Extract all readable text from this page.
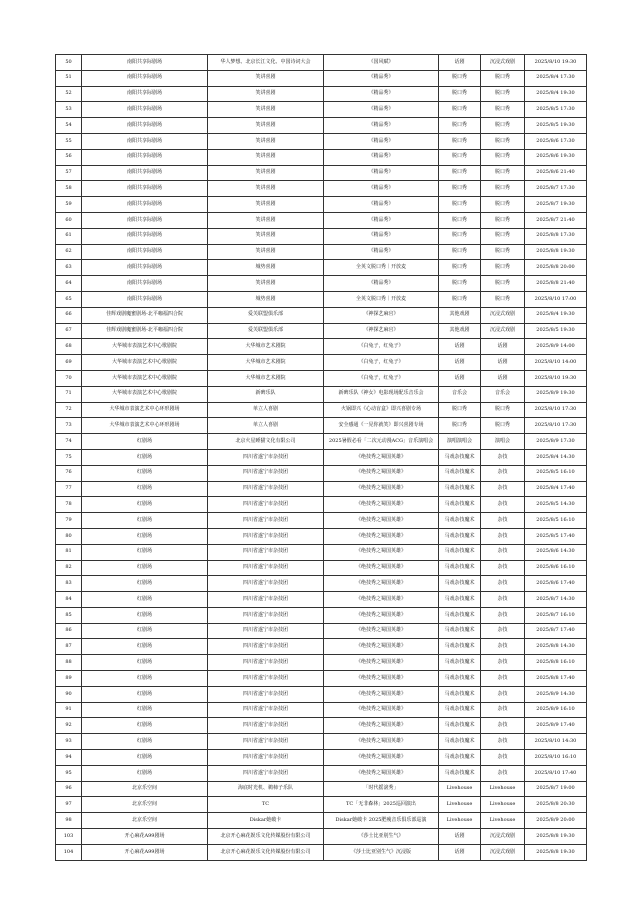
50	南阳共享际剧场	华人梦想、北京长江文化、中国诗词大会	《国风赋》	话剧	沉浸式戏剧	2025/8/10 19:30
51	南阳共享际剧场	笑讲喜剧	《精品秀》	脱口秀	脱口秀	2025/8/4 17:30
52	南阳共享际剧场	笑讲喜剧	《精品秀》	脱口秀	脱口秀	2025/8/4 19:30
53	南阳共享际剧场	笑讲喜剧	《精品秀》	脱口秀	脱口秀	2025/8/5 17:30
54	南阳共享际剧场	笑讲喜剧	《精品秀》	脱口秀	脱口秀	2025/8/5 19:30
55	南阳共享际剧场	笑讲喜剧	《精品秀》	脱口秀	脱口秀	2025/8/6 17:30
56	南阳共享际剧场	笑讲喜剧	《精品秀》	脱口秀	脱口秀	2025/8/6 19:30
57	南阳共享际剧场	笑讲喜剧	《精品秀》	脱口秀	脱口秀	2025/8/6 21:40
58	南阳共享际剧场	笑讲喜剧	《精品秀》	脱口秀	脱口秀	2025/8/7 17:30
59	南阳共享际剧场	笑讲喜剧	《精品秀》	脱口秀	脱口秀	2025/8/7 19:30
60	南阳共享际剧场	笑讲喜剧	《精品秀》	脱口秀	脱口秀	2025/8/7 21:40
61	南阳共享际剧场	笑讲喜剧	《精品秀》	脱口秀	脱口秀	2025/8/8 17:30
62	南阳共享际剧场	笑讲喜剧	《精品秀》	脱口秀	脱口秀	2025/8/8 19:30
63	南阳共享际剧场	城势喜剧	全英文脱口秀｜开放麦	脱口秀	脱口秀	2025/8/8 20:00
64	南阳共享际剧场	笑讲喜剧	《精品秀》	脱口秀	脱口秀	2025/8/8 21:40
65	南阳共享际剧场	城势喜剧	全英文脱口秀｜开放麦	脱口秀	脱口秀	2025/8/10 17:00
66	佳辉戏剧魔蜜剧场-北平咖福四合院	爱芙联盟俱乐部	《神探艺麻官》	其他戏剧	沉浸式戏剧	2025/8/4 19:30
67	佳辉戏剧魔蜜剧场-北平咖福四合院	爱芙联盟俱乐部	《神探艺麻官》	其他戏剧	沉浸式戏剧	2025/8/5 19:30
68	大华城市表演艺术中心歌剧院	大华城市艺术剧院	《白兔子，红兔子》	话剧	话剧	2025/8/9 14:00
69	大华城市表演艺术中心歌剧院	大华城市艺术剧院	《白兔子，红兔子》	话剧	话剧	2025/8/10 14:00
70	大华城市表演艺术中心歌剧院	大华城市艺术剧院	《白兔子，红兔子》	话剧	话剧	2025/8/10 19:30
71	大华城市表演艺术中心歌剧院	新碑乐队	新碑乐队《神女》电影现场配乐音乐会	音乐会	音乐会	2025/8/9 19:30
72	大华城市表演艺术中心环形剧场	单立人喜剧	火锅即兴《心动盲盒》即兴喜剧专场	脱口秀	脱口秀	2025/8/10 17:30
73	大华城市表演艺术中心环形剧场	单立人喜剧	安全感通《一见你就笑》即兴喜剧专场	脱口秀	脱口秀	2025/8/10 17:30
74	红剧场	北京火星睡猫文化有限公司	2025暑假必看「二次元动漫ACG」音乐演唱会	演唱演唱会	演唱会	2025/8/9 17:30
75	红剧场	四川省遂宁市杂技团	《绝技秀之蜀国英雄》	马戏杂技魔术	杂技	2025/8/4 14:30
76	红剧场	四川省遂宁市杂技团	《绝技秀之蜀国英雄》	马戏杂技魔术	杂技	2025/8/5 16:10
77	红剧场	四川省遂宁市杂技团	《绝技秀之蜀国英雄》	马戏杂技魔术	杂技	2025/8/4 17:40
78	红剧场	四川省遂宁市杂技团	《绝技秀之蜀国英雄》	马戏杂技魔术	杂技	2025/8/5 14:30
79	红剧场	四川省遂宁市杂技团	《绝技秀之蜀国英雄》	马戏杂技魔术	杂技	2025/8/5 16:10
80	红剧场	四川省遂宁市杂技团	《绝技秀之蜀国英雄》	马戏杂技魔术	杂技	2025/8/5 17:40
81	红剧场	四川省遂宁市杂技团	《绝技秀之蜀国英雄》	马戏杂技魔术	杂技	2025/8/6 14:30
82	红剧场	四川省遂宁市杂技团	《绝技秀之蜀国英雄》	马戏杂技魔术	杂技	2025/8/6 16:10
83	红剧场	四川省遂宁市杂技团	《绝技秀之蜀国英雄》	马戏杂技魔术	杂技	2025/8/6 17:40
84	红剧场	四川省遂宁市杂技团	《绝技秀之蜀国英雄》	马戏杂技魔术	杂技	2025/8/7 14:30
85	红剧场	四川省遂宁市杂技团	《绝技秀之蜀国英雄》	马戏杂技魔术	杂技	2025/8/7 16:10
86	红剧场	四川省遂宁市杂技团	《绝技秀之蜀国英雄》	马戏杂技魔术	杂技	2025/8/7 17:40
87	红剧场	四川省遂宁市杂技团	《绝技秀之蜀国英雄》	马戏杂技魔术	杂技	2025/8/8 14:30
88	红剧场	四川省遂宁市杂技团	《绝技秀之蜀国英雄》	马戏杂技魔术	杂技	2025/8/8 16:10
89	红剧场	四川省遂宁市杂技团	《绝技秀之蜀国英雄》	马戏杂技魔术	杂技	2025/8/8 17:40
90	红剧场	四川省遂宁市杂技团	《绝技秀之蜀国英雄》	马戏杂技魔术	杂技	2025/8/9 14:30
91	红剧场	四川省遂宁市杂技团	《绝技秀之蜀国英雄》	马戏杂技魔术	杂技	2025/8/9 16:10
92	红剧场	四川省遂宁市杂技团	《绝技秀之蜀国英雄》	马戏杂技魔术	杂技	2025/8/9 17:40
93	红剧场	四川省遂宁市杂技团	《绝技秀之蜀国英雄》	马戏杂技魔术	杂技	2025/8/10 14:30
94	红剧场	四川省遂宁市杂技团	《绝技秀之蜀国英雄》	马戏杂技魔术	杂技	2025/8/10 16:10
95	红剧场	四川省遂宁市杂技团	《绝技秀之蜀国英雄》	马戏杂技魔术	杂技	2025/8/10 17:40
96	北京乐空间	海底时光机、鹈柿子乐队	「时代摇滚秀」	Livehouse	Livehouse	2025/8/7 19:00
97	北京乐空间	TC	TC「无非森林」2025巡回演出	Livehouse	Livehouse	2025/8/8 20:30
98	北京乐空间	Diskar她破卡	Diskar她破卡 2025肥瘦音乐俱乐部巡演	Livehouse	Livehouse	2025/8/9 20:00
103	开心麻花A99剧场	北京开心麻花娱乐文化传媒股份有限公司	《莎士比亚别生气》	话剧	沉浸式戏剧	2025/8/8 19:30
104	开心麻花A99剧场	北京开心麻花娱乐文化传媒股份有限公司	《莎士比亚别生气》沉浸版	话剧	沉浸式戏剧	2025/8/8 19:30
